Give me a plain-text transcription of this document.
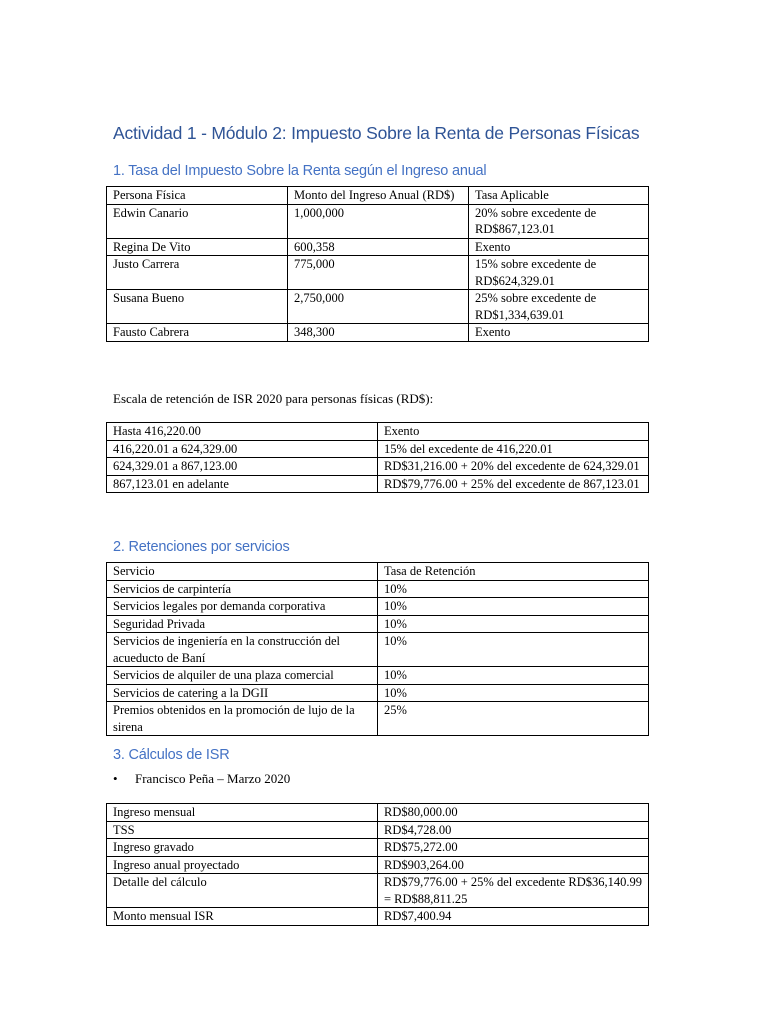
Actividad 1 - Módulo 2: Impuesto Sobre la Renta de Personas Físicas
1. Tasa del Impuesto Sobre la Renta según el Ingreso anual
Persona Física	Monto del Ingreso Anual (RD$)	Tasa Aplicable
Edwin Canario	1,000,000	20% sobre excedente de RD$867,123.01
Regina De Vito	600,358	Exento
Justo Carrera	775,000	15% sobre excedente de RD$624,329.01
Susana Bueno	2,750,000	25% sobre excedente de RD$1,334,639.01
Fausto Cabrera	348,300	Exento
Escala de retención de ISR 2020 para personas físicas (RD$):
Hasta 416,220.00	Exento
416,220.01 a 624,329.00	15% del excedente de 416,220.01
624,329.01 a 867,123.00	RD$31,216.00 + 20% del excedente de 624,329.01
867,123.01 en adelante	RD$79,776.00 + 25% del excedente de 867,123.01
2. Retenciones por servicios
Servicio	Tasa de Retención
Servicios de carpintería	10%
Servicios legales por demanda corporativa	10%
Seguridad Privada	10%
Servicios de ingeniería en la construcción del acueducto de Baní	10%
Servicios de alquiler de una plaza comercial	10%
Servicios de catering a la DGII	10%
Premios obtenidos en la promoción de lujo de la sirena	25%
3. Cálculos de ISR
• Francisco Peña – Marzo 2020
Ingreso mensual	RD$80,000.00
TSS	RD$4,728.00
Ingreso gravado	RD$75,272.00
Ingreso anual proyectado	RD$903,264.00
Detalle del cálculo	RD$79,776.00 + 25% del excedente RD$36,140.99 = RD$88,811.25
Monto mensual ISR	RD$7,400.94
